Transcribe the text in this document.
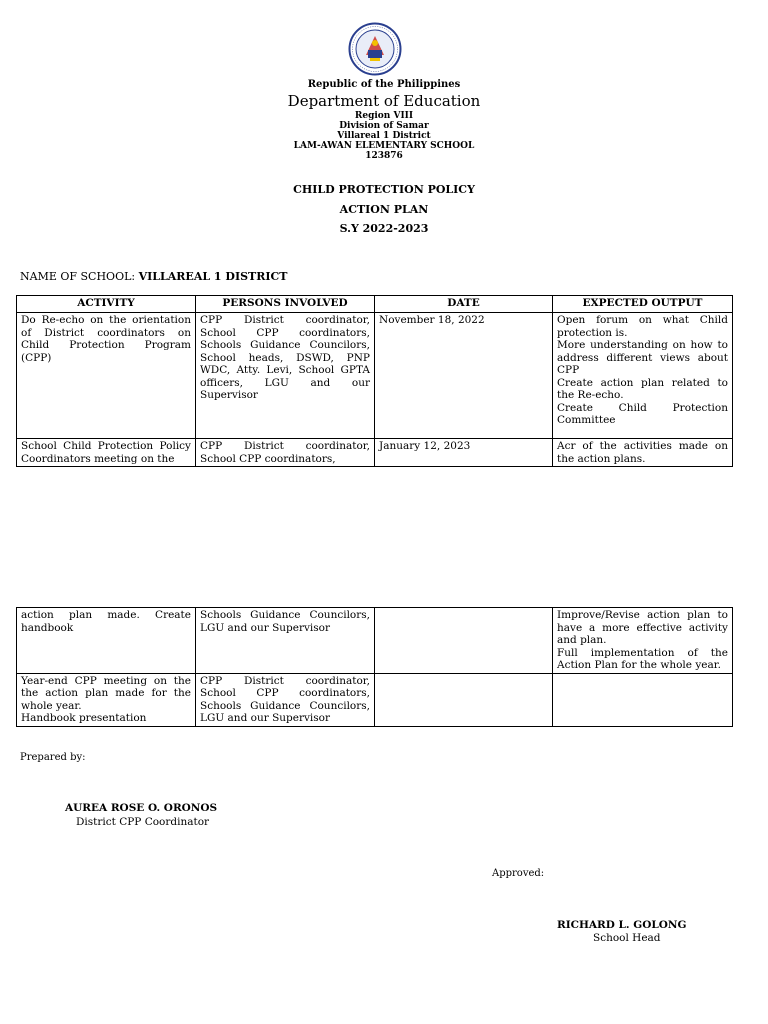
Republic of the Philippines
Department of Education
Region VIII
Division of Samar
Villareal 1 District
LAM-AWAN ELEMENTARY SCHOOL
123876
CHILD PROTECTION POLICY
ACTION PLAN
S.Y 2022-2023
NAME OF SCHOOL: VILLAREAL 1 DISTRICT
ACTIVITY	PERSONS INVOLVED	DATE	EXPECTED OUTPUT
Do Re-echo on the orientation of District coordinators on Child Protection Program (CPP)	CPP District coordinator, School CPP coordinators, Schools Guidance Councilors, School heads, DSWD, PNP WDC, Atty. Levi, School GPTA officers, LGU and our Supervisor	November 18, 2022	Open forum on what Child protection is.
More understanding on how to address different views about CPP
Create action plan related to the Re-echo.
Create Child Protection Committee

School Child Protection Policy Coordinators meeting on the	CPP District coordinator, School CPP coordinators,	January 12, 2023	Acr of the activities made on the action plans.
action plan made. Create handbook	Schools Guidance Councilors, LGU and our Supervisor		Improve/Revise action plan to have a more effective activity and plan.
Full implementation of the Action Plan for the whole year.

Year-end CPP meeting on the the action plan made for the whole year.
Handbook presentation	CPP District coordinator, School CPP coordinators, Schools Guidance Councilors, LGU and our Supervisor		
Prepared by:
AUREA ROSE O. ORONOS
District CPP Coordinator
Approved:
RICHARD L. GOLONG
School Head
